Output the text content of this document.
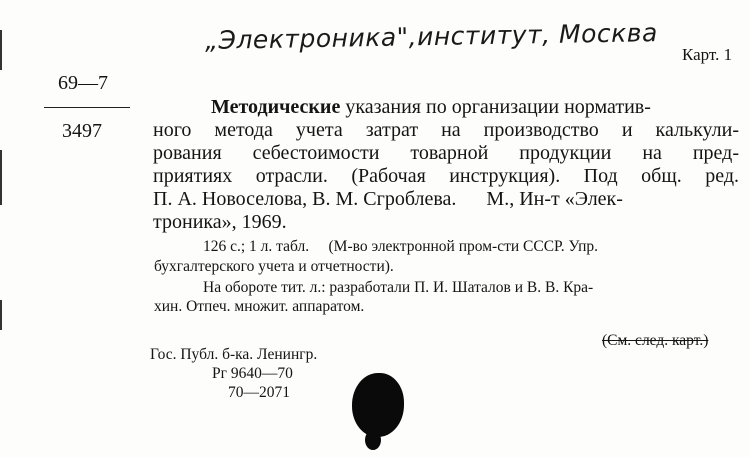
„Электроника",институт, Москва Карт. 1
69—7
3497
Методические указания по организации норматив-
ного метода учета затрат на производство и калькули-
рования себестоимости товарной продукции на пред-
приятиях отрасли. (Рабочая инструкция). Под общ. ред.
П. А. Новоселова, В. М. Сгроблева.      М., Ин-т «Элек-
троника», 1969.
126 с.; 1 л. табл.     (М-во электронной пром-сти СССР. Упр.
бухгалтерского учета и отчетности).
На обороте тит. л.: разработали П. И. Шаталов и В. В. Кра-
хин. Отпеч. множит. аппаратом.
(См. след. карт.)
Гос. Публ. б-ка. Ленингр.
Рг 9640—70
70—2071
